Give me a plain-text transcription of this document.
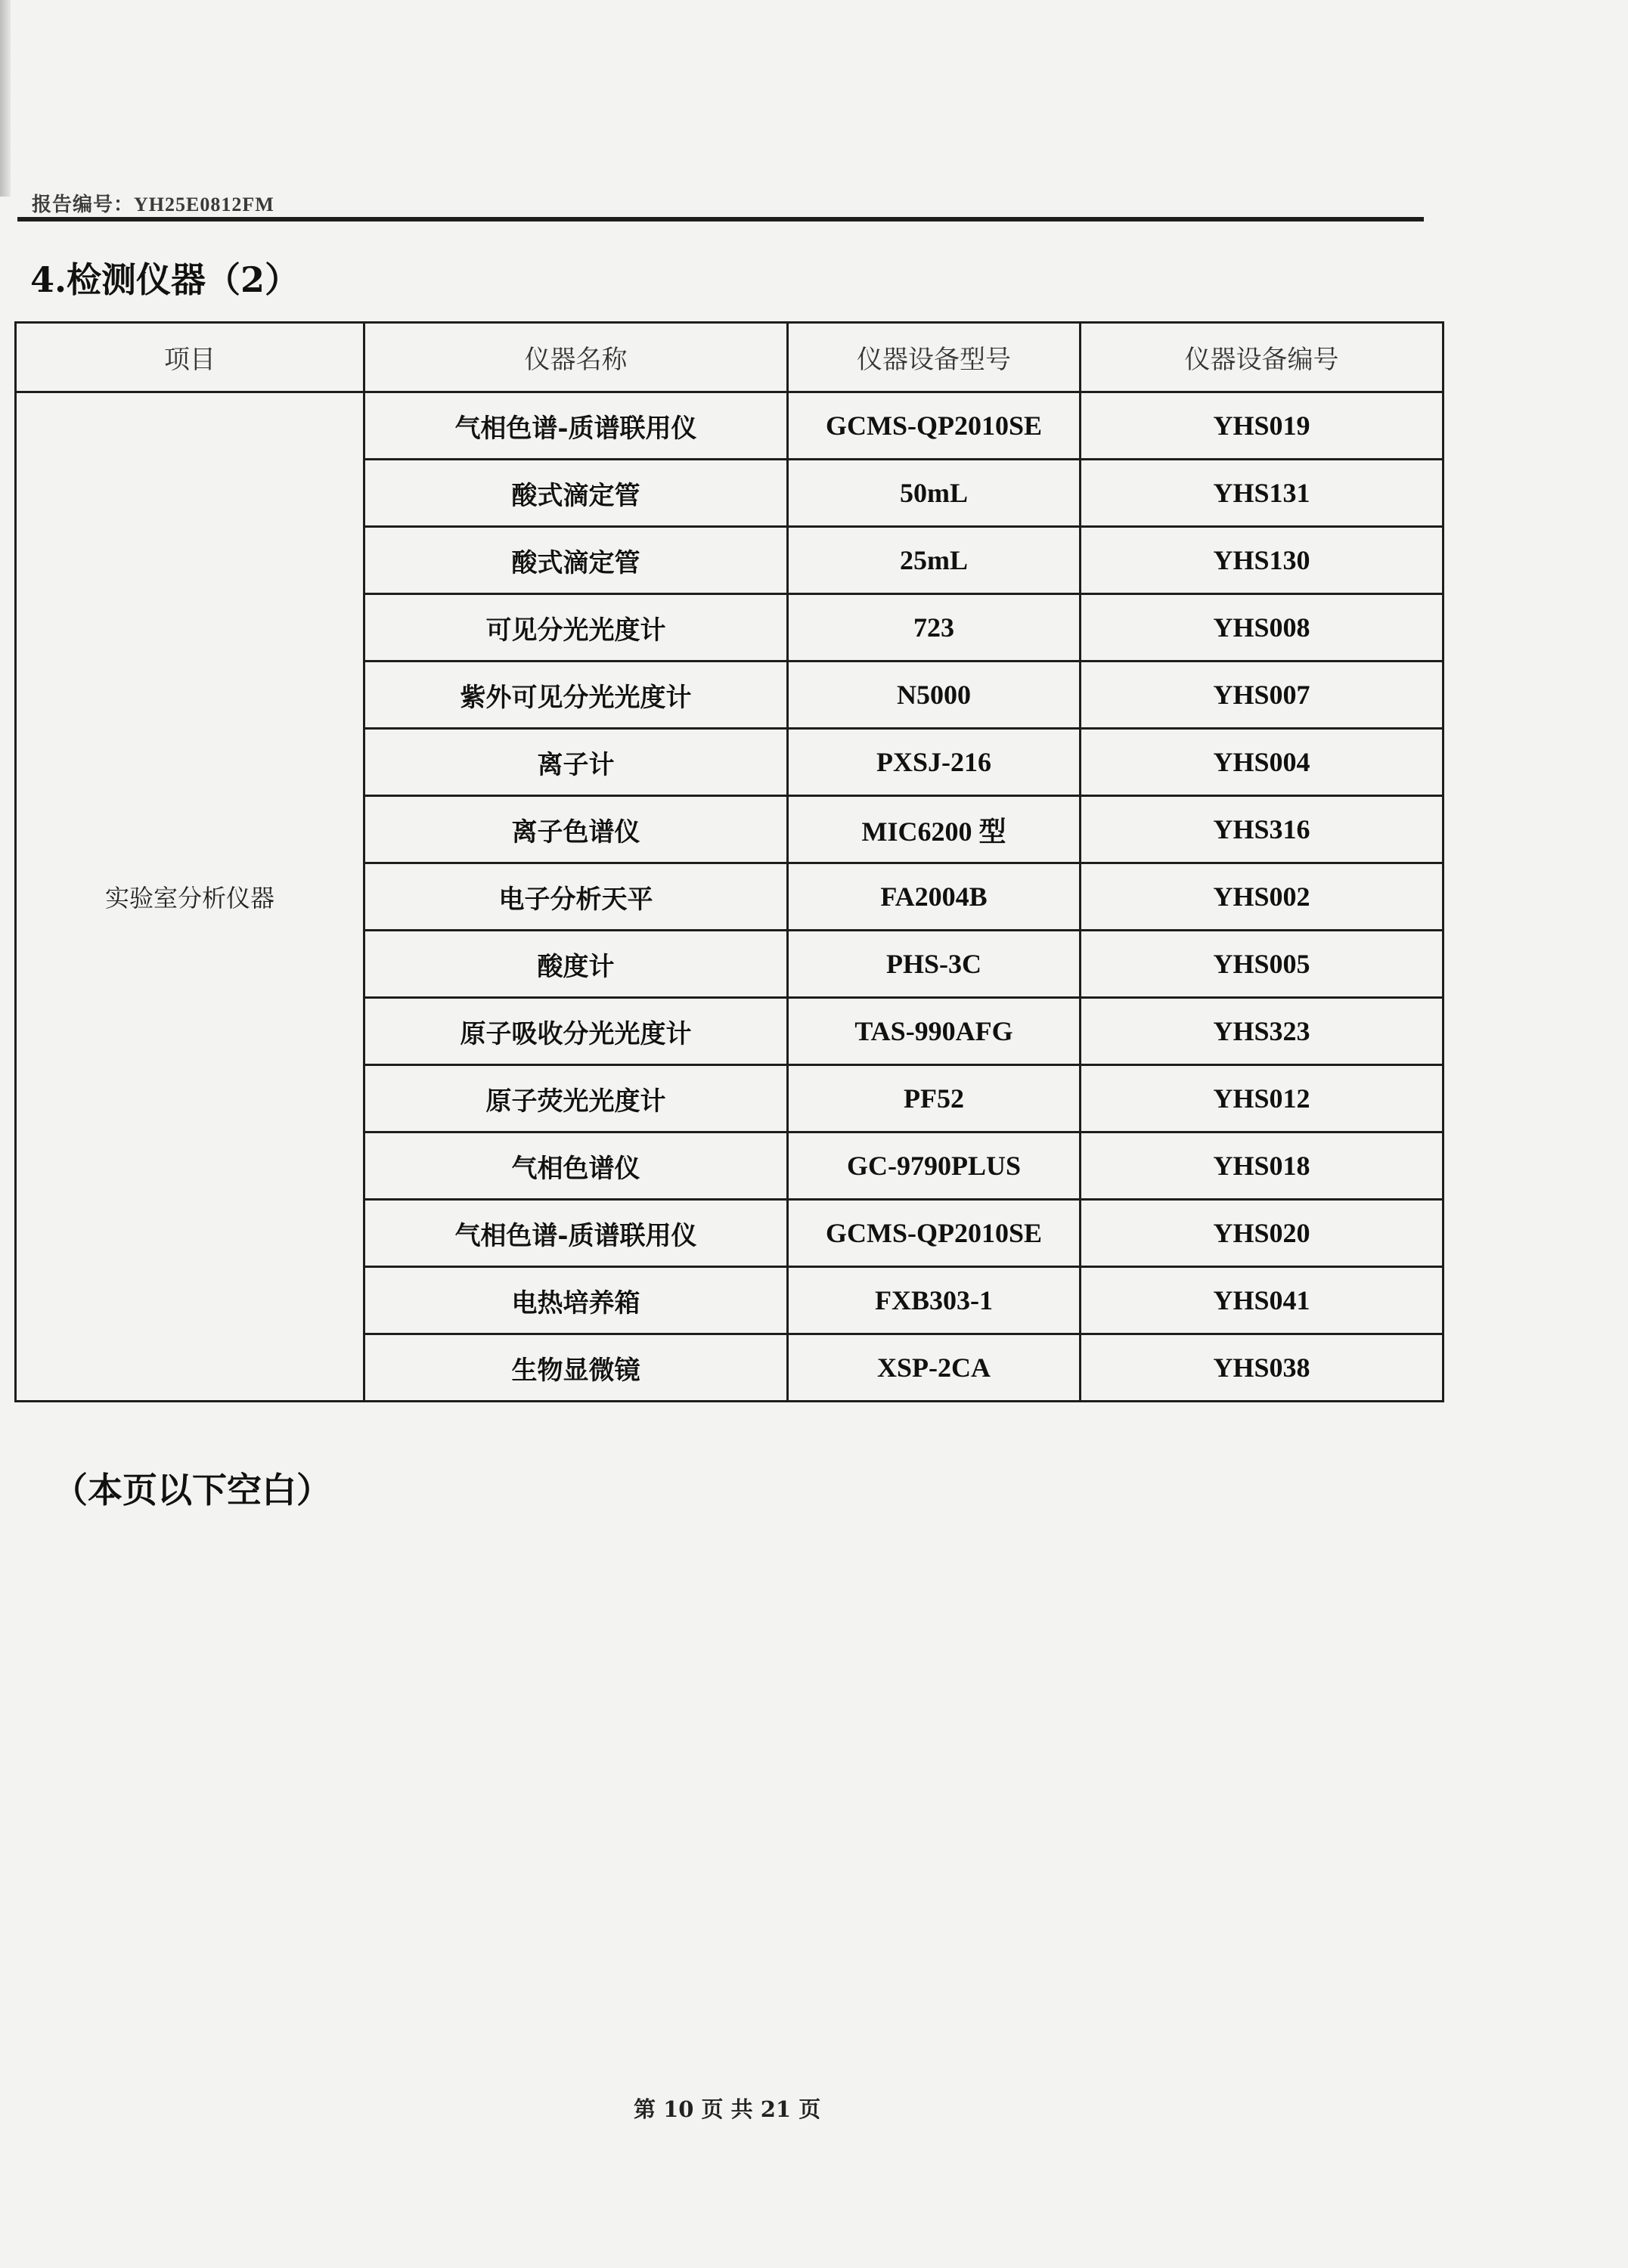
报告编号：YH25E0812FM
4.检测仪器（2）
项目	仪器名称	仪器设备型号	仪器设备编号
实验室分析仪器	气相色谱-质谱联用仪	GCMS-QP2010SE	YHS019
	酸式滴定管	50mL	YHS131
	酸式滴定管	25mL	YHS130
	可见分光光度计	723	YHS008
	紫外可见分光光度计	N5000	YHS007
	离子计	PXSJ-216	YHS004
	离子色谱仪	MIC6200 型	YHS316
	电子分析天平	FA2004B	YHS002
	酸度计	PHS-3C	YHS005
	原子吸收分光光度计	TAS-990AFG	YHS323
	原子荧光光度计	PF52	YHS012
	气相色谱仪	GC-9790PLUS	YHS018
	气相色谱-质谱联用仪	GCMS-QP2010SE	YHS020
	电热培养箱	FXB303-1	YHS041
	生物显微镜	XSP-2CA	YHS038
（本页以下空白）
第 10 页 共 21 页
